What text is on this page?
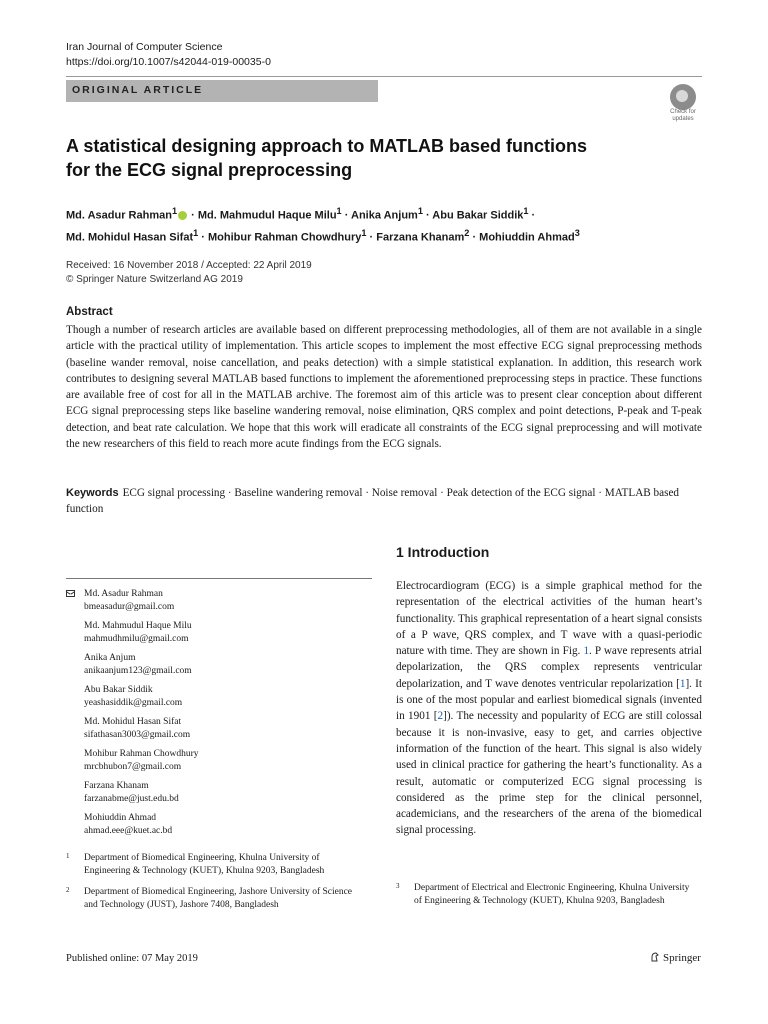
Iran Journal of Computer Science
https://doi.org/10.1007/s42044-019-00035-0
ORIGINAL ARTICLE
Check for
updates
A statistical designing approach to MATLAB based functions
for the ECG signal preprocessing
Md. Asadur Rahman$^1$ · Md. Mahmudul Haque Milu$^1$ · Anika Anjum$^1$ · Abu Bakar Siddik$^1$ ·
Md. Mohidul Hasan Sifat$^1$ · Mohibur Rahman Chowdhury$^1$ · Farzana Khanam$^2$ · Mohiuddin Ahmad$^3$
Received: 16 November 2018 / Accepted: 22 April 2019
© Springer Nature Switzerland AG 2019
Abstract
Though a number of research articles are available based on different preprocessing methodologies, all of them are not available in a single article with the practical utility of implementation. This article scopes to implement the most effective ECG signal preprocessing methods (baseline wander removal, noise cancellation, and peaks detection) with a simple statistical explanation. In addition, this research work contributes to designing several MATLAB based functions to implement the aforementioned preprocessing steps in practice. These functions are available free of cost for all in the MATLAB archive. The foremost aim of this article was to present clear conception about different ECG signal preprocessing steps like baseline wandering removal, noise elimination, QRS complex and point detections, P-peak and T-peak detection, and beat rate calculation. We hope that this work will eradicate all constraints of the ECG signal preprocessing and will motivate the new researchers of this field to reach more acute findings from the ECG signals.
Keywords ECG signal processing · Baseline wandering removal · Noise removal · Peak detection of the ECG signal · MATLAB based function
1 Introduction
Electrocardiogram (ECG) is a simple graphical method for the representation of the electrical activities of the human heart’s functionality. This graphical representation of a heart signal consists of a P wave, QRS complex, and T wave with a quasi-periodic nature with time. They are shown in Fig. 1. P wave represents atrial depolarization, the QRS complex represents ventricular depolarization, and T wave denotes ventricular repolarization [1]. It is one of the most popular and earliest biomedical signals (invented in 1901 [2]). The necessity and popularity of ECG are still colossal because it is non-invasive, easy to get, and carries objective information of the function of the heart. This signal is also widely used in clinical practice for gathering the heart’s functionality. As a result, automatic or computerized ECG signal processing is considered as the prime step for the clinical personnel, academicians, and the researchers of the arena of the biomedical signal processing.
Md. Asadur Rahman
bmeasadur@gmail.com
Md. Mahmudul Haque Milu
mahmudhmilu@gmail.com
Anika Anjum
anikaanjum123@gmail.com
Abu Bakar Siddik
yeashasiddik@gmail.com
Md. Mohidul Hasan Sifat
sifathasan3003@gmail.com
Mohibur Rahman Chowdhury
mrcbhubon7@gmail.com
Farzana Khanam
farzanabme@just.edu.bd
Mohiuddin Ahmad
ahmad.eee@kuet.ac.bd
1 Department of Biomedical Engineering, Khulna University of Engineering & Technology (KUET), Khulna 9203, Bangladesh
2 Department of Biomedical Engineering, Jashore University of Science and Technology (JUST), Jashore 7408, Bangladesh
3 Department of Electrical and Electronic Engineering, Khulna University of Engineering & Technology (KUET), Khulna 9203, Bangladesh
Published online: 07 May 2019	Springer
